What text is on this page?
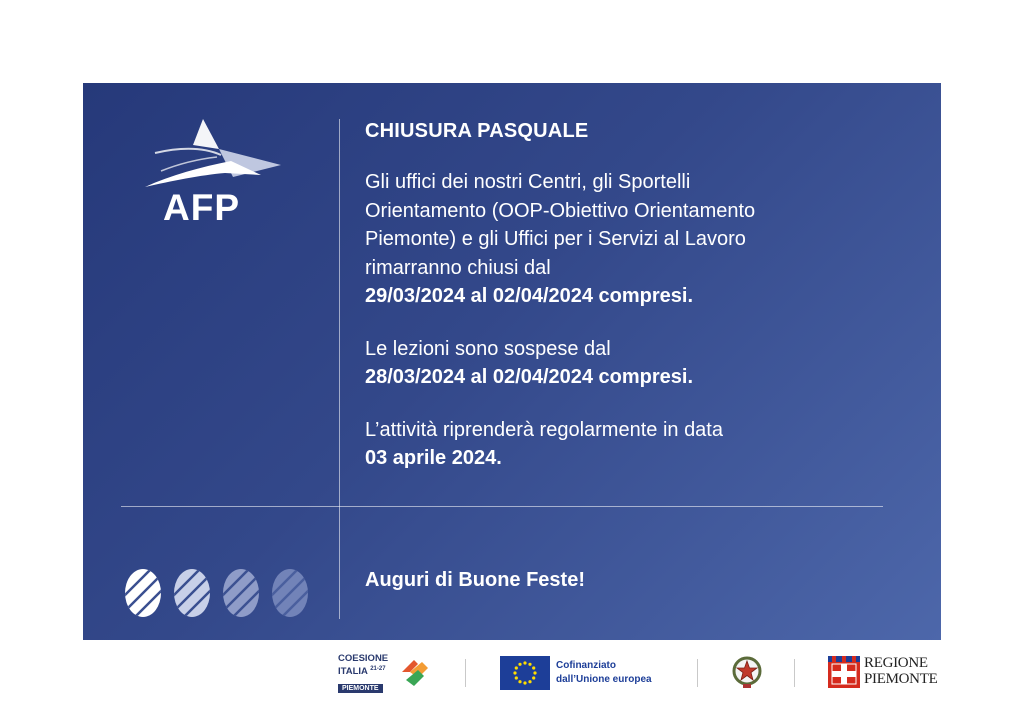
AFP
CHIUSURA PASQUALE
Gli uffici dei nostri Centri, gli Sportelli
Orientamento (OOP-Obiettivo Orientamento
Piemonte) e gli Uffici per i Servizi al Lavoro
rimarranno chiusi dal
29/03/2024 al 02/04/2024 compresi.
Le lezioni sono sospese dal
28/03/2024 al 02/04/2024 compresi.
L’attività riprenderà regolarmente in data
03 aprile 2024.
Auguri di Buone Feste!
COESIONE
ITALIA $^{21-27}$
PIEMONTE
Cofinanziato
dall’Unione europea
REGIONE
PIEMONTE
